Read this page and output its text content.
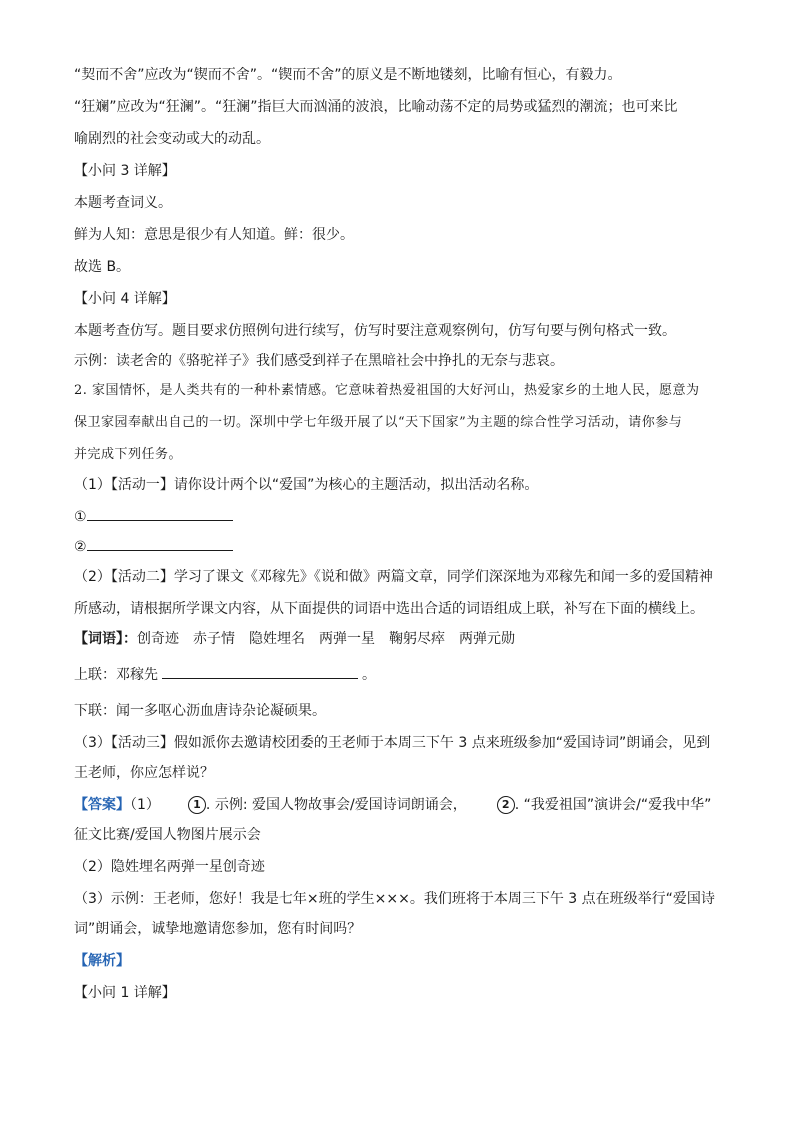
“契而不舍”应改为“锲而不舍”。“锲而不舍”的原义是不断地镂刻，比喻有恒心，有毅力。
“狂斓”应改为“狂澜”。“狂澜”指巨大而汹涌的波浪，比喻动荡不定的局势或猛烈的潮流；也可来比
喻剧烈的社会变动或大的动乱。
【小问 3 详解】
本题考查词义。
鲜为人知：意思是很少有人知道。鲜：很少。
故选 B。
【小问 4 详解】
本题考查仿写。题目要求仿照例句进行续写，仿写时要注意观察例句，仿写句要与例句格式一致。
示例：读老舍的《骆驼祥子》我们感受到祥子在黑暗社会中挣扎的无奈与悲哀。
2. 家国情怀，是人类共有的一种朴素情感。它意味着热爱祖国的大好河山，热爱家乡的土地人民，愿意为
保卫家园奉献出自己的一切。深圳中学七年级开展了以“天下国家”为主题的综合性学习活动，请你参与
并完成下列任务。
（1）【活动一】请你设计两个以“爱国”为核心的主题活动，拟出活动名称。
①
②
（2）【活动二】学习了课文《邓稼先》《说和做》两篇文章，同学们深深地为邓稼先和闻一多的爱国精神
所感动，请根据所学课文内容，从下面提供的词语中选出合适的词语组成上联，补写在下面的横线上。
【词语】：创奇迹　赤子情　隐姓埋名　两弹一星　鞠躬尽瘁　两弹元勋
上联：邓稼先	。
下联：闻一多呕心沥血唐诗杂论凝硕果。
（3）【活动三】假如派你去邀请校团委的王老师于本周三下午 3 点来班级参加“爱国诗词”朗诵会，见到
王老师，你应怎样说？
【答案】（1）	1 . 示例: 爱国人物故事会/爱国诗词朗诵会，	2 . “我爱祖国”演讲会/“爱我中华”
征文比赛/爱国人物图片展示会
（2）隐姓埋名两弹一星创奇迹
（3）示例：王老师，您好！我是七年×班的学生×××。我们班将于本周三下午 3 点在班级举行“爱国诗
词”朗诵会，诚挚地邀请您参加，您有时间吗？
【解析】
【小问 1 详解】
